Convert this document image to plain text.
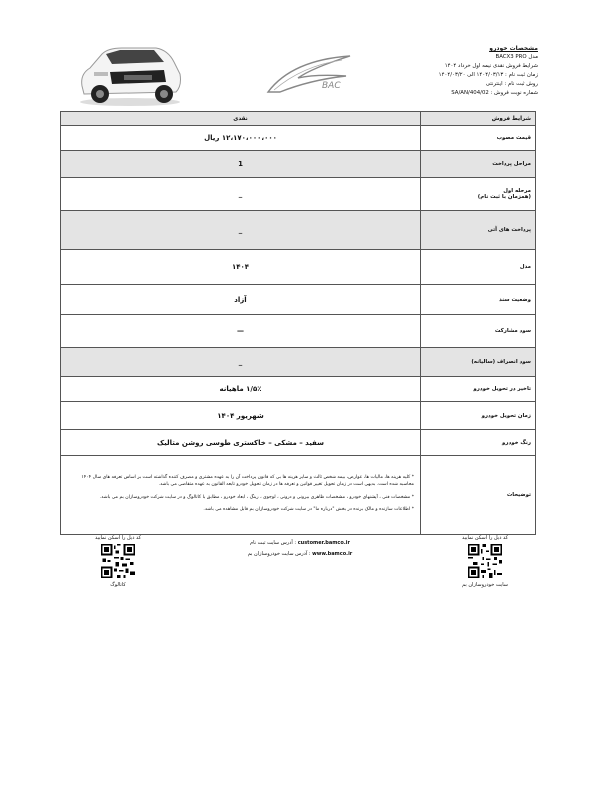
BAC
مشخصات خودرو
مدل BACX3 PRO
شرایط فروش نقدی نیمه اول خرداد ۱۴۰۴
زمان ثبت نام : ۱۴۰۴/۰۳/۱۳ الی ۱۴۰۴/۰۳/۲۰
روش ثبت نام : اینترنتی
شماره نوبت فروش : SA/AN/404/02
شرایط فروش	نقدی
قیمت مصوب	۱۲،۱۷۰،۰۰۰،۰۰۰ ریال
مراحل پرداخت	1

مرحله اول
(همزمان با ثبت نام)	_
پرداخت های آتی	_
مدل	۱۴۰۴
وضعیت سند	آزاد
سود مشارکت	—
سود انصراف (سالیانه)	_
تاخیر در تحویل خودرو	۱/۵٪ ماهیانه
زمان تحویل خودرو	شهریور ۱۴۰۴
رنگ خودرو	سفید – مشکی – خاکستری طوسی روشن متالیک
توضیحات	* کلیه هزینه ها، مالیات ها، عوارض، بیمه شخص ثالث و سایر هزینه ها بی که قانون پرداخت آن را به عهده مشتری و مصرف کننده گذاشته است بر اساس تعرفه های سال ۱۴۰۴ محاسبه شده است. بدیهی است در زمان تحویل تغییر قوانین و تعرفه ها در زمان تحویل خودرو تابعه القانون به عهده متقاضی می باشد.

* مشخصات فنی ، آپشنهای خودرو ، مشخصات ظاهری بیرونی و درونی ، لوجوی ، رینگ ، ابعاد خودرو ، مطابق با کاتالوگ و در سایت شرکت خودروسازان بم می باشد.

* اطلاعات سازنده و مالک برنده در بخش "درباره ما" در سایت شرکت خودروسازان بم قابل مشاهده می باشد.

کد ذیل را اسکن نمایید
کاتالوگ
آدرس سایت ثبت نام : customer.bamco.ir
آدرس سایت خودروسازان بم : www.bamco.ir
کد ذیل را اسکن نمایید
سایت خودروسازان بم
